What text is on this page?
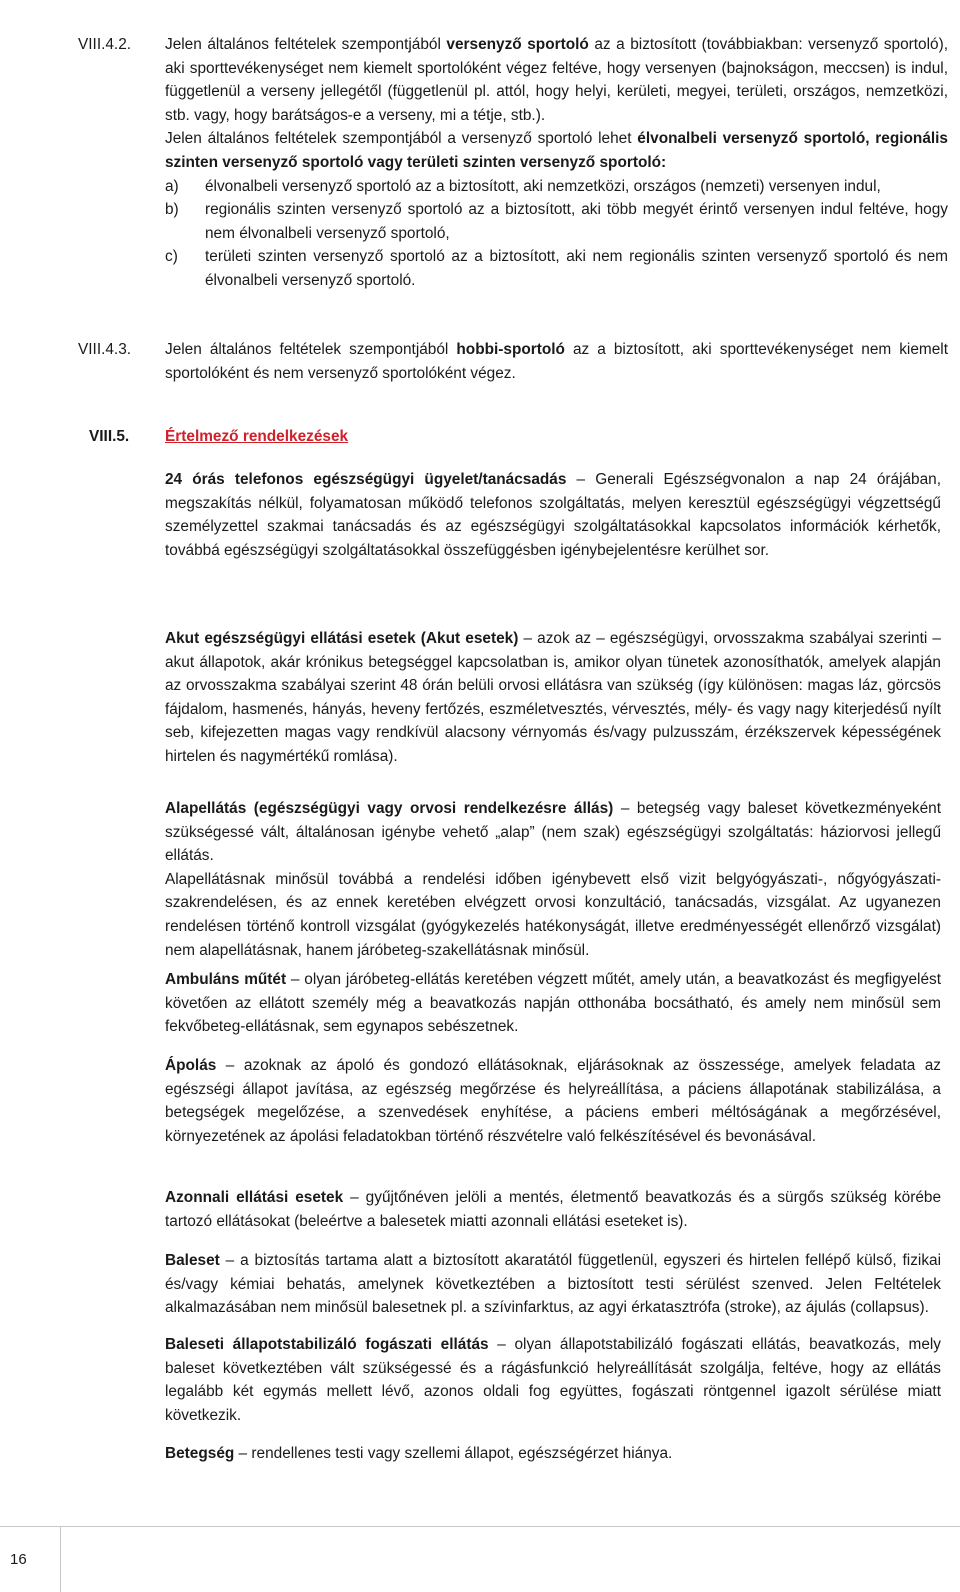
VIII.4.2.	Jelen általános feltételek szempontjából versenyző sportoló az a biztosított (továbbiakban: versenyző sportoló), aki sporttevékenységet nem kiemelt sportolóként végez feltéve, hogy versenyen (bajnokságon, meccsen) is indul, függetlenül a verseny jellegétől (függetlenül pl. attól, hogy helyi, kerületi, megyei, területi, országos, nemzetközi, stb. vagy, hogy barátságos-e a verseny, mi a tétje, stb.).

Jelen általános feltételek szempontjából a versenyző sportoló lehet élvonalbeli versenyző sportoló, regionális szinten versenyző sportoló vagy területi szinten versenyző sportoló:

a) élvonalbeli versenyző sportoló az a biztosított, aki nemzetközi, országos (nemzeti) versenyen indul,
b) regionális szinten versenyző sportoló az a biztosított, aki több megyét érintő versenyen indul feltéve, hogy nem élvonalbeli versenyző sportoló,
c) területi szinten versenyző sportoló az a biztosított, aki nem regionális szinten versenyző sportoló és nem élvonalbeli versenyző sportoló.
VIII.4.3.	Jelen általános feltételek szempontjából hobbi-sportoló az a biztosított, aki sporttevékenységet nem kiemelt sportolóként és nem versenyző sportolóként végez.

VIII.5. Értelmező rendelkezések

24 órás telefonos egészségügyi ügyelet/tanácsadás – Generali Egészségvonalon a nap 24 órájában, megszakítás nélkül, folyamatosan működő telefonos szolgáltatás, melyen keresztül egészségügyi végzettségű személyzettel szakmai tanácsadás és az egészségügyi szolgáltatásokkal kapcsolatos információk kérhetők, továbbá egészségügyi szolgáltatásokkal összefüggésben igénybejelentésre kerülhet sor.

Akut egészségügyi ellátási esetek (Akut esetek) – azok az – egészségügyi, orvosszakma szabályai szerinti – akut állapotok, akár krónikus betegséggel kapcsolatban is, amikor olyan tünetek azonosíthatók, amelyek alapján az orvosszakma szabályai szerint 48 órán belüli orvosi ellátásra van szükség (így különösen: magas láz, görcsös fájdalom, hasmenés, hányás, heveny fertőzés, eszméletvesztés, vérvesztés, mély- és vagy nagy kiterjedésű nyílt seb, kifejezetten magas vagy rendkívül alacsony vérnyomás és/vagy pulzusszám, érzékszervek képességének hirtelen és nagymértékű romlása).

Alapellátás (egészségügyi vagy orvosi rendelkezésre állás) – betegség vagy baleset következményeként szükségessé vált, általánosan igénybe vehető „alap” (nem szak) egészségügyi szolgáltatás: háziorvosi jellegű ellátás.

Alapellátásnak minősül továbbá a rendelési időben igénybevett első vizit belgyógyászati-, nőgyógyászati- szakrendelésen, és az ennek keretében elvégzett orvosi konzultáció, tanácsadás, vizsgálat. Az ugyanezen rendelésen történő kontroll vizsgálat (gyógykezelés hatékonyságát, illetve eredményességét ellenőrző vizsgálat) nem alapellátásnak, hanem járóbeteg-szakellátásnak minősül.

Ambuláns műtét – olyan járóbeteg-ellátás keretében végzett műtét, amely után, a beavatkozást és megfigyelést követően az ellátott személy még a beavatkozás napján otthonába bocsátható, és amely nem minősül sem fekvőbeteg-ellátásnak, sem egynapos sebészetnek.

Ápolás – azoknak az ápoló és gondozó ellátásoknak, eljárásoknak az összessége, amelyek feladata az egészségi állapot javítása, az egészség megőrzése és helyreállítása, a páciens állapotának stabilizálása, a betegségek megelőzése, a szenvedések enyhítése, a páciens emberi méltóságának a megőrzésével, környezetének az ápolási feladatokban történő részvételre való felkészítésével és bevonásával.

Azonnali ellátási esetek – gyűjtőnéven jelöli a mentés, életmentő beavatkozás és a sürgős szükség körébe tartozó ellátásokat (beleértve a balesetek miatti azonnali ellátási eseteket is).

Baleset – a biztosítás tartama alatt a biztosított akaratától függetlenül, egyszeri és hirtelen fellépő külső, fizikai és/vagy kémiai behatás, amelynek következtében a biztosított testi sérülést szenved. Jelen Feltételek alkalmazásában nem minősül balesetnek pl. a szívinfarktus, az agyi érkatasztrófa (stroke), az ájulás (collapsus).

Baleseti állapotstabilizáló fogászati ellátás – olyan állapotstabilizáló fogászati ellátás, beavatkozás, mely baleset következtében vált szükségessé és a rágásfunkció helyreállítását szolgálja, feltéve, hogy az ellátás legalább két egymás mellett lévő, azonos oldali fog együttes, fogászati röntgennel igazolt sérülése miatt következik.

Betegség – rendellenes testi vagy szellemi állapot, egészségérzet hiánya.

16
